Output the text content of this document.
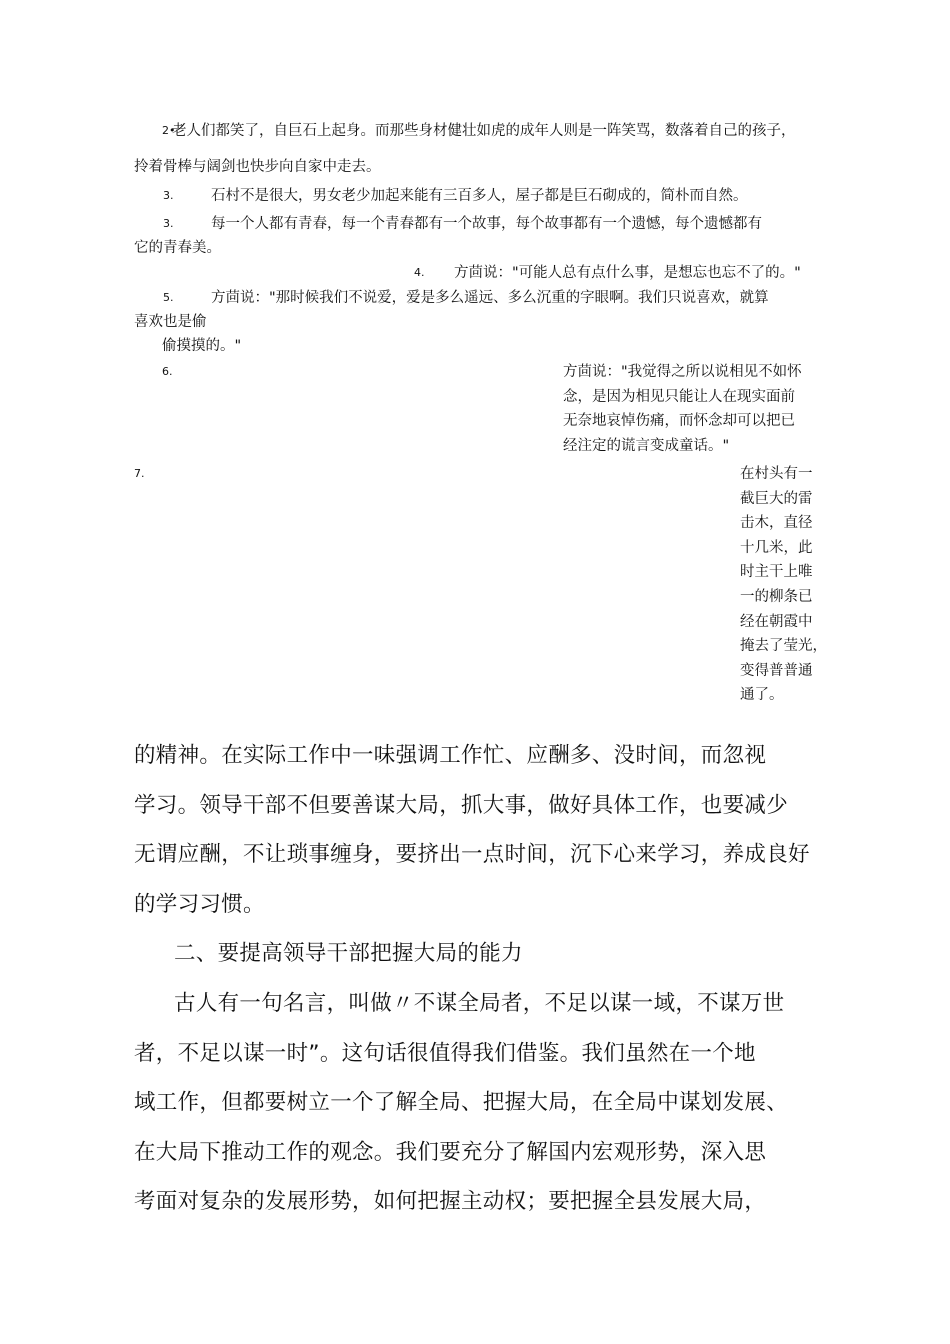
2•

老人们都笑了，自巨石上起身。而那些身材健壮如虎的成年人则是一阵笑骂，数落着自己的孩子，

拎着骨棒与阔剑也快步向自家中走去。

3.	石村不是很大，男女老少加起来能有三百多人，屋子都是巨石砌成的，简朴而自然。

3.	每一个人都有青春，每一个青春都有一个故事，每个故事都有一个遗憾，每个遗憾都有

它的青春美。

4. 方茴说："可能人总有点什么事，是想忘也忘不了的。"

5.	方茴说："那时候我们不说爱，爱是多么遥远、多么沉重的字眼啊。我们只说喜欢，就算

喜欢也是偷

偷摸摸的。"

6.	方茴说："我觉得之所以说相见不如怀
念，是因为相见只能让人在现实面前
无奈地哀悼伤痛，而怀念却可以把已
经注定的谎言变成童话。"

7.	在村头有一
截巨大的雷
击木，直径
十几米，此
时主干上唯
一的柳条已
经在朝霞中
掩去了莹光，
变得普普通
通了。

的精神。在实际工作中一味强调工作忙、应酬多、没时间，而忽视

学习。领导干部不但要善谋大局，抓大事，做好具体工作，也要减少

无谓应酬，不让琐事缠身，要挤出一点时间，沉下心来学习，养成良好

的学习习惯。

二、要提高领导干部把握大局的能力

古人有一句名言，叫做〃不谋全局者，不足以谋一域，不谋万世

者，不足以谋一时”。这句话很值得我们借鉴。我们虽然在一个地

域工作，但都要树立一个了解全局、把握大局，在全局中谋划发展、

在大局下推动工作的观念。我们要充分了解国内宏观形势，深入思

考面对复杂的发展形势，如何把握主动权；要把握全县发展大局，
